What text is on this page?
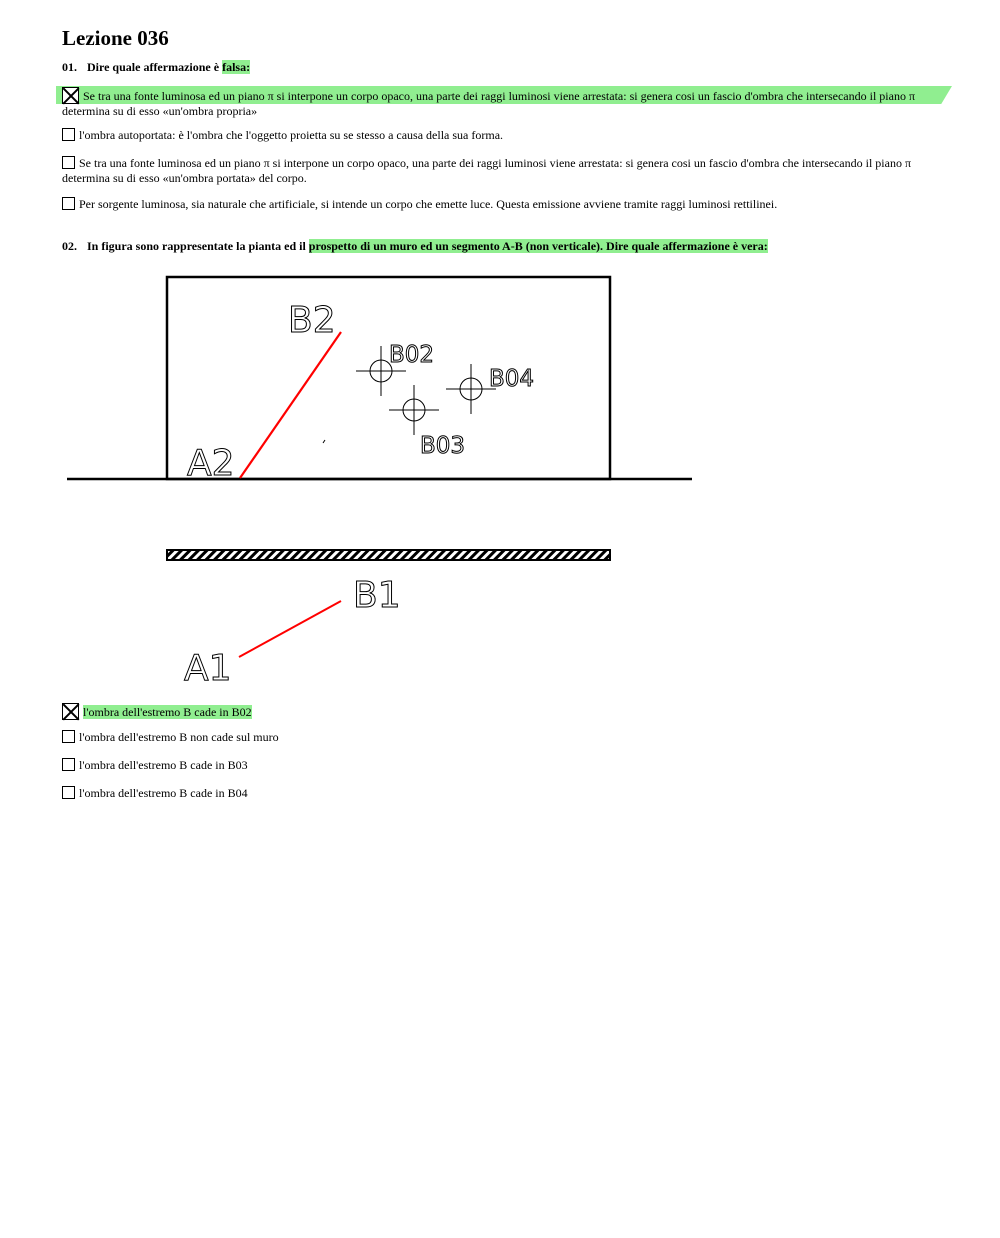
Lezione 036
01. Dire quale affermazione è falsa:
Se tra una fonte luminosa ed un piano π si interpone un corpo opaco, una parte dei raggi luminosi viene arrestata: si genera cosi un fascio d'ombra che intersecando il piano π determina su di esso «un'ombra propria»
l'ombra autoportata: è l'ombra che l'oggetto proietta su se stesso a causa della sua forma.
Se tra una fonte luminosa ed un piano π si interpone un corpo opaco, una parte dei raggi luminosi viene arrestata: si genera cosi un fascio d'ombra che intersecando il piano π determina su di esso «un'ombra portata» del corpo.
Per sorgente luminosa, sia naturale che artificiale, si intende un corpo che emette luce. Questa emissione avviene tramite raggi luminosi rettilinei.
02. In figura sono rappresentate la pianta ed il prospetto di un muro ed un segmento A-B (non verticale). Dire quale affermazione è vera:
B2
A2
B02
B03
B04
B1
A1
l'ombra dell'estremo B cade in B02
l'ombra dell'estremo B non cade sul muro
l'ombra dell'estremo B cade in B03
l'ombra dell'estremo B cade in B04
